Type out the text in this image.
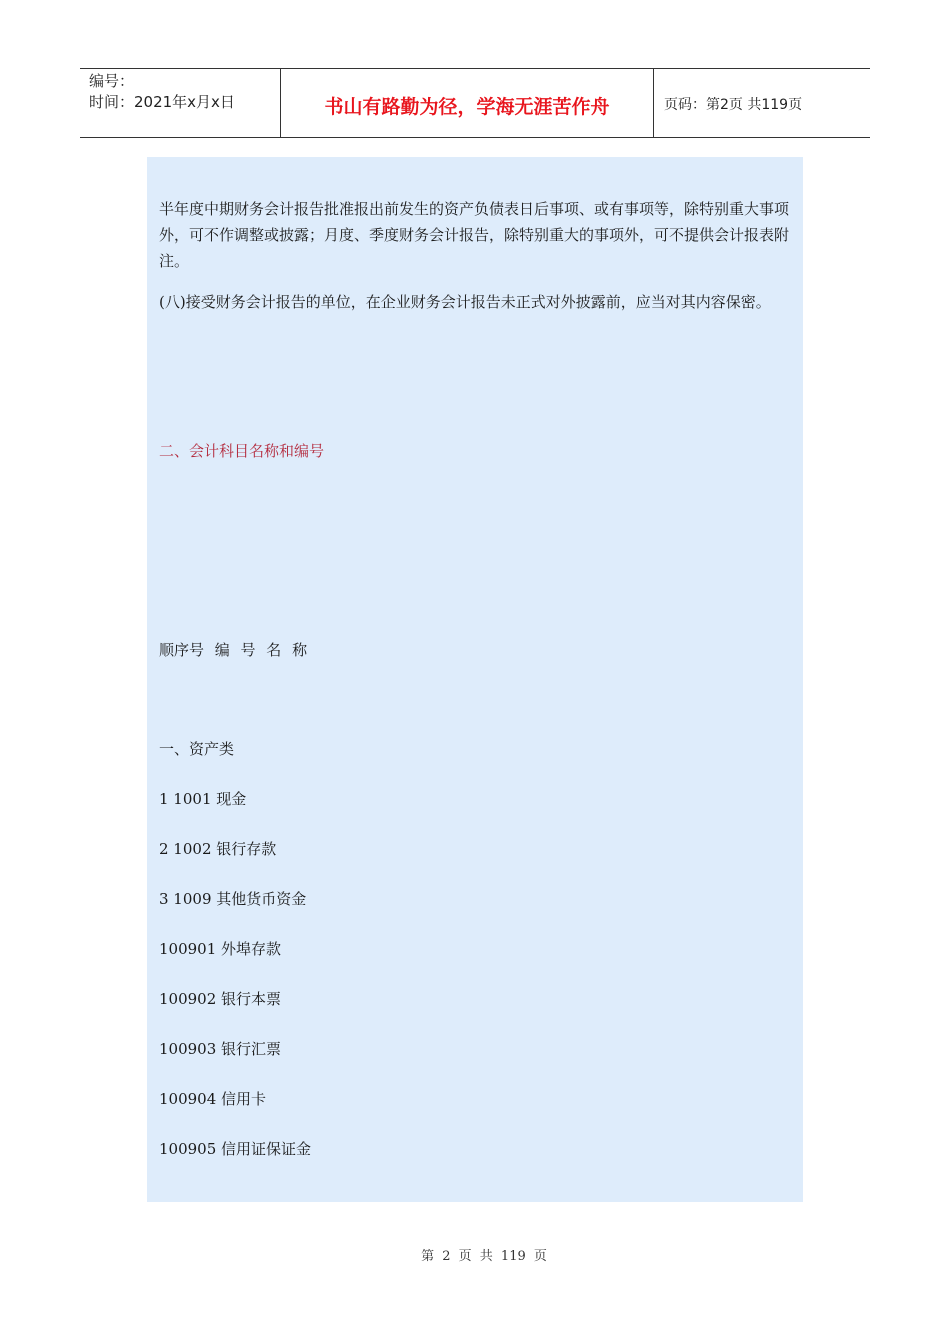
编号：
时间：2021年x月x日	书山有路勤为径，学海无涯苦作舟	页码：第2页 共119页

半年度中期财务会计报告批准报出前发生的资产负债表日后事项、或有事项等，除特别重大事项外，可不作调整或披露；月度、季度财务会计报告，除特别重大的事项外，可不提供会计报表附注。

(八)接受财务会计报告的单位，在企业财务会计报告未正式对外披露前，应当对其内容保密。

二、会计科目名称和编号

顺序号 编 号 名 称

一、资产类

1 1001 现金

2 1002 银行存款

3 1009 其他货币资金

100901 外埠存款

100902 银行本票

100903 银行汇票

100904 信用卡

100905 信用证保证金

第 2 页 共 119 页
